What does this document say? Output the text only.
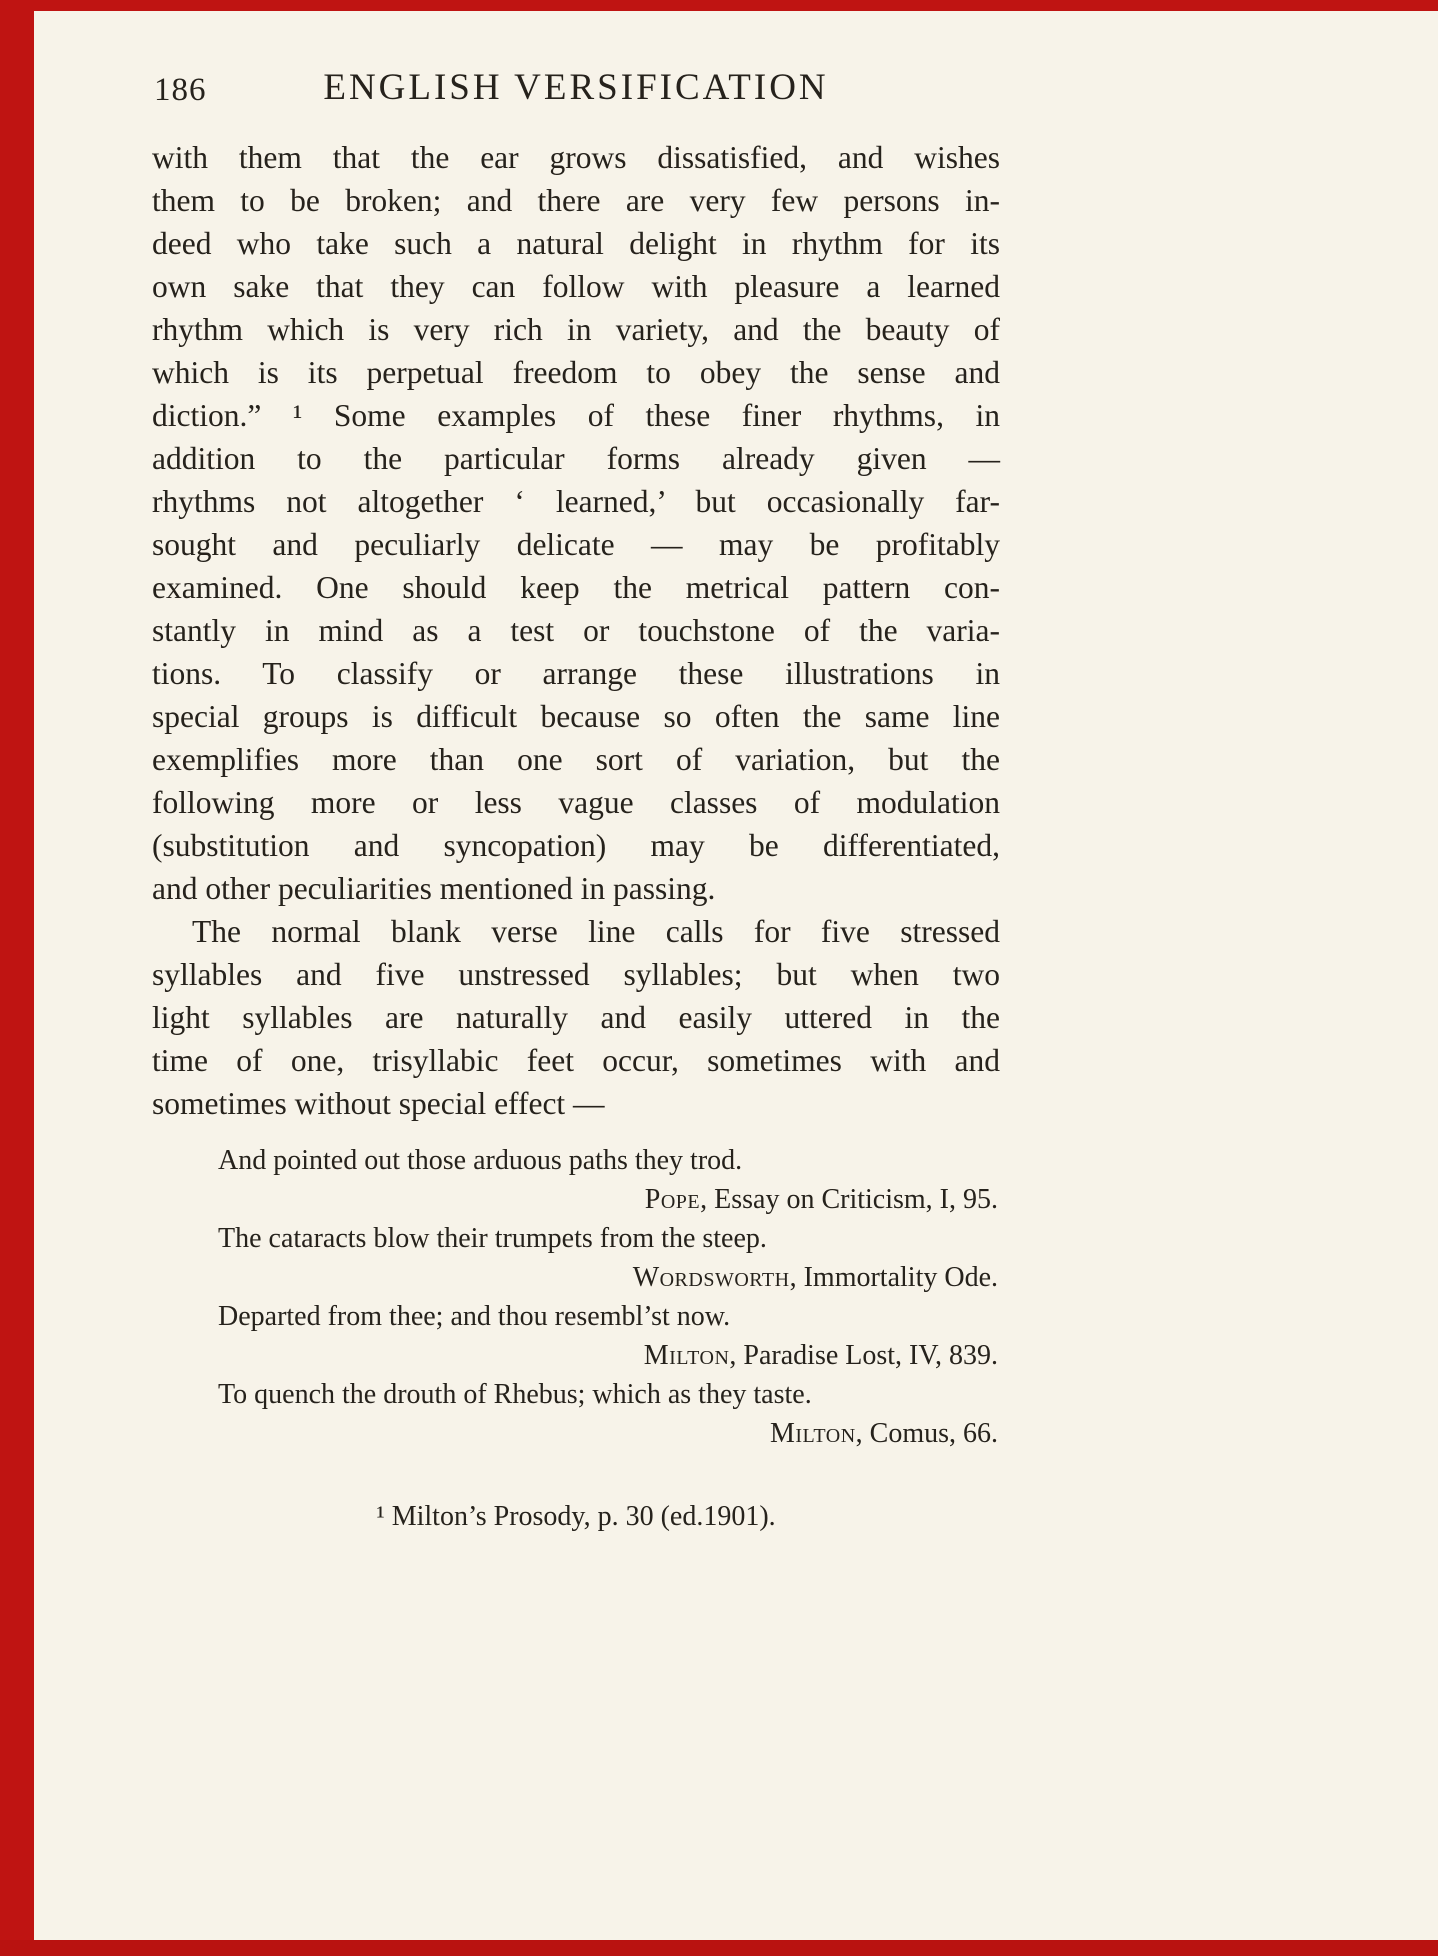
186	ENGLISH VERSIFICATION
with them that the ear grows dissatisfied, and wishes
them to be broken; and there are very few persons in-
deed who take such a natural delight in rhythm for its
own sake that they can follow with pleasure a learned
rhythm which is very rich in variety, and the beauty of
which is its perpetual freedom to obey the sense and
diction.” ¹ Some examples of these finer rhythms, in
addition to the particular forms already given —
rhythms not altogether ‘ learned,’ but occasionally far-
sought and peculiarly delicate — may be profitably
examined. One should keep the metrical pattern con-
stantly in mind as a test or touchstone of the varia-
tions. To classify or arrange these illustrations in
special groups is difficult because so often the same line
exemplifies more than one sort of variation, but the
following more or less vague classes of modulation
(substitution and syncopation) may be differentiated,
and other peculiarities mentioned in passing.
The normal blank verse line calls for five stressed
syllables and five unstressed syllables; but when two
light syllables are naturally and easily uttered in the
time of one, trisyllabic feet occur, sometimes with and
sometimes without special effect —
And pointed out those arduous paths they trod.
Pope, Essay on Criticism, I, 95.
The cataracts blow their trumpets from the steep.
Wordsworth, Immortality Ode.
Departed from thee; and thou resembl’st now.
Milton, Paradise Lost, IV, 839.
To quench the drouth of Rhebus; which as they taste.
Milton, Comus, 66.
¹ Milton’s Prosody, p. 30 (ed.1901).
